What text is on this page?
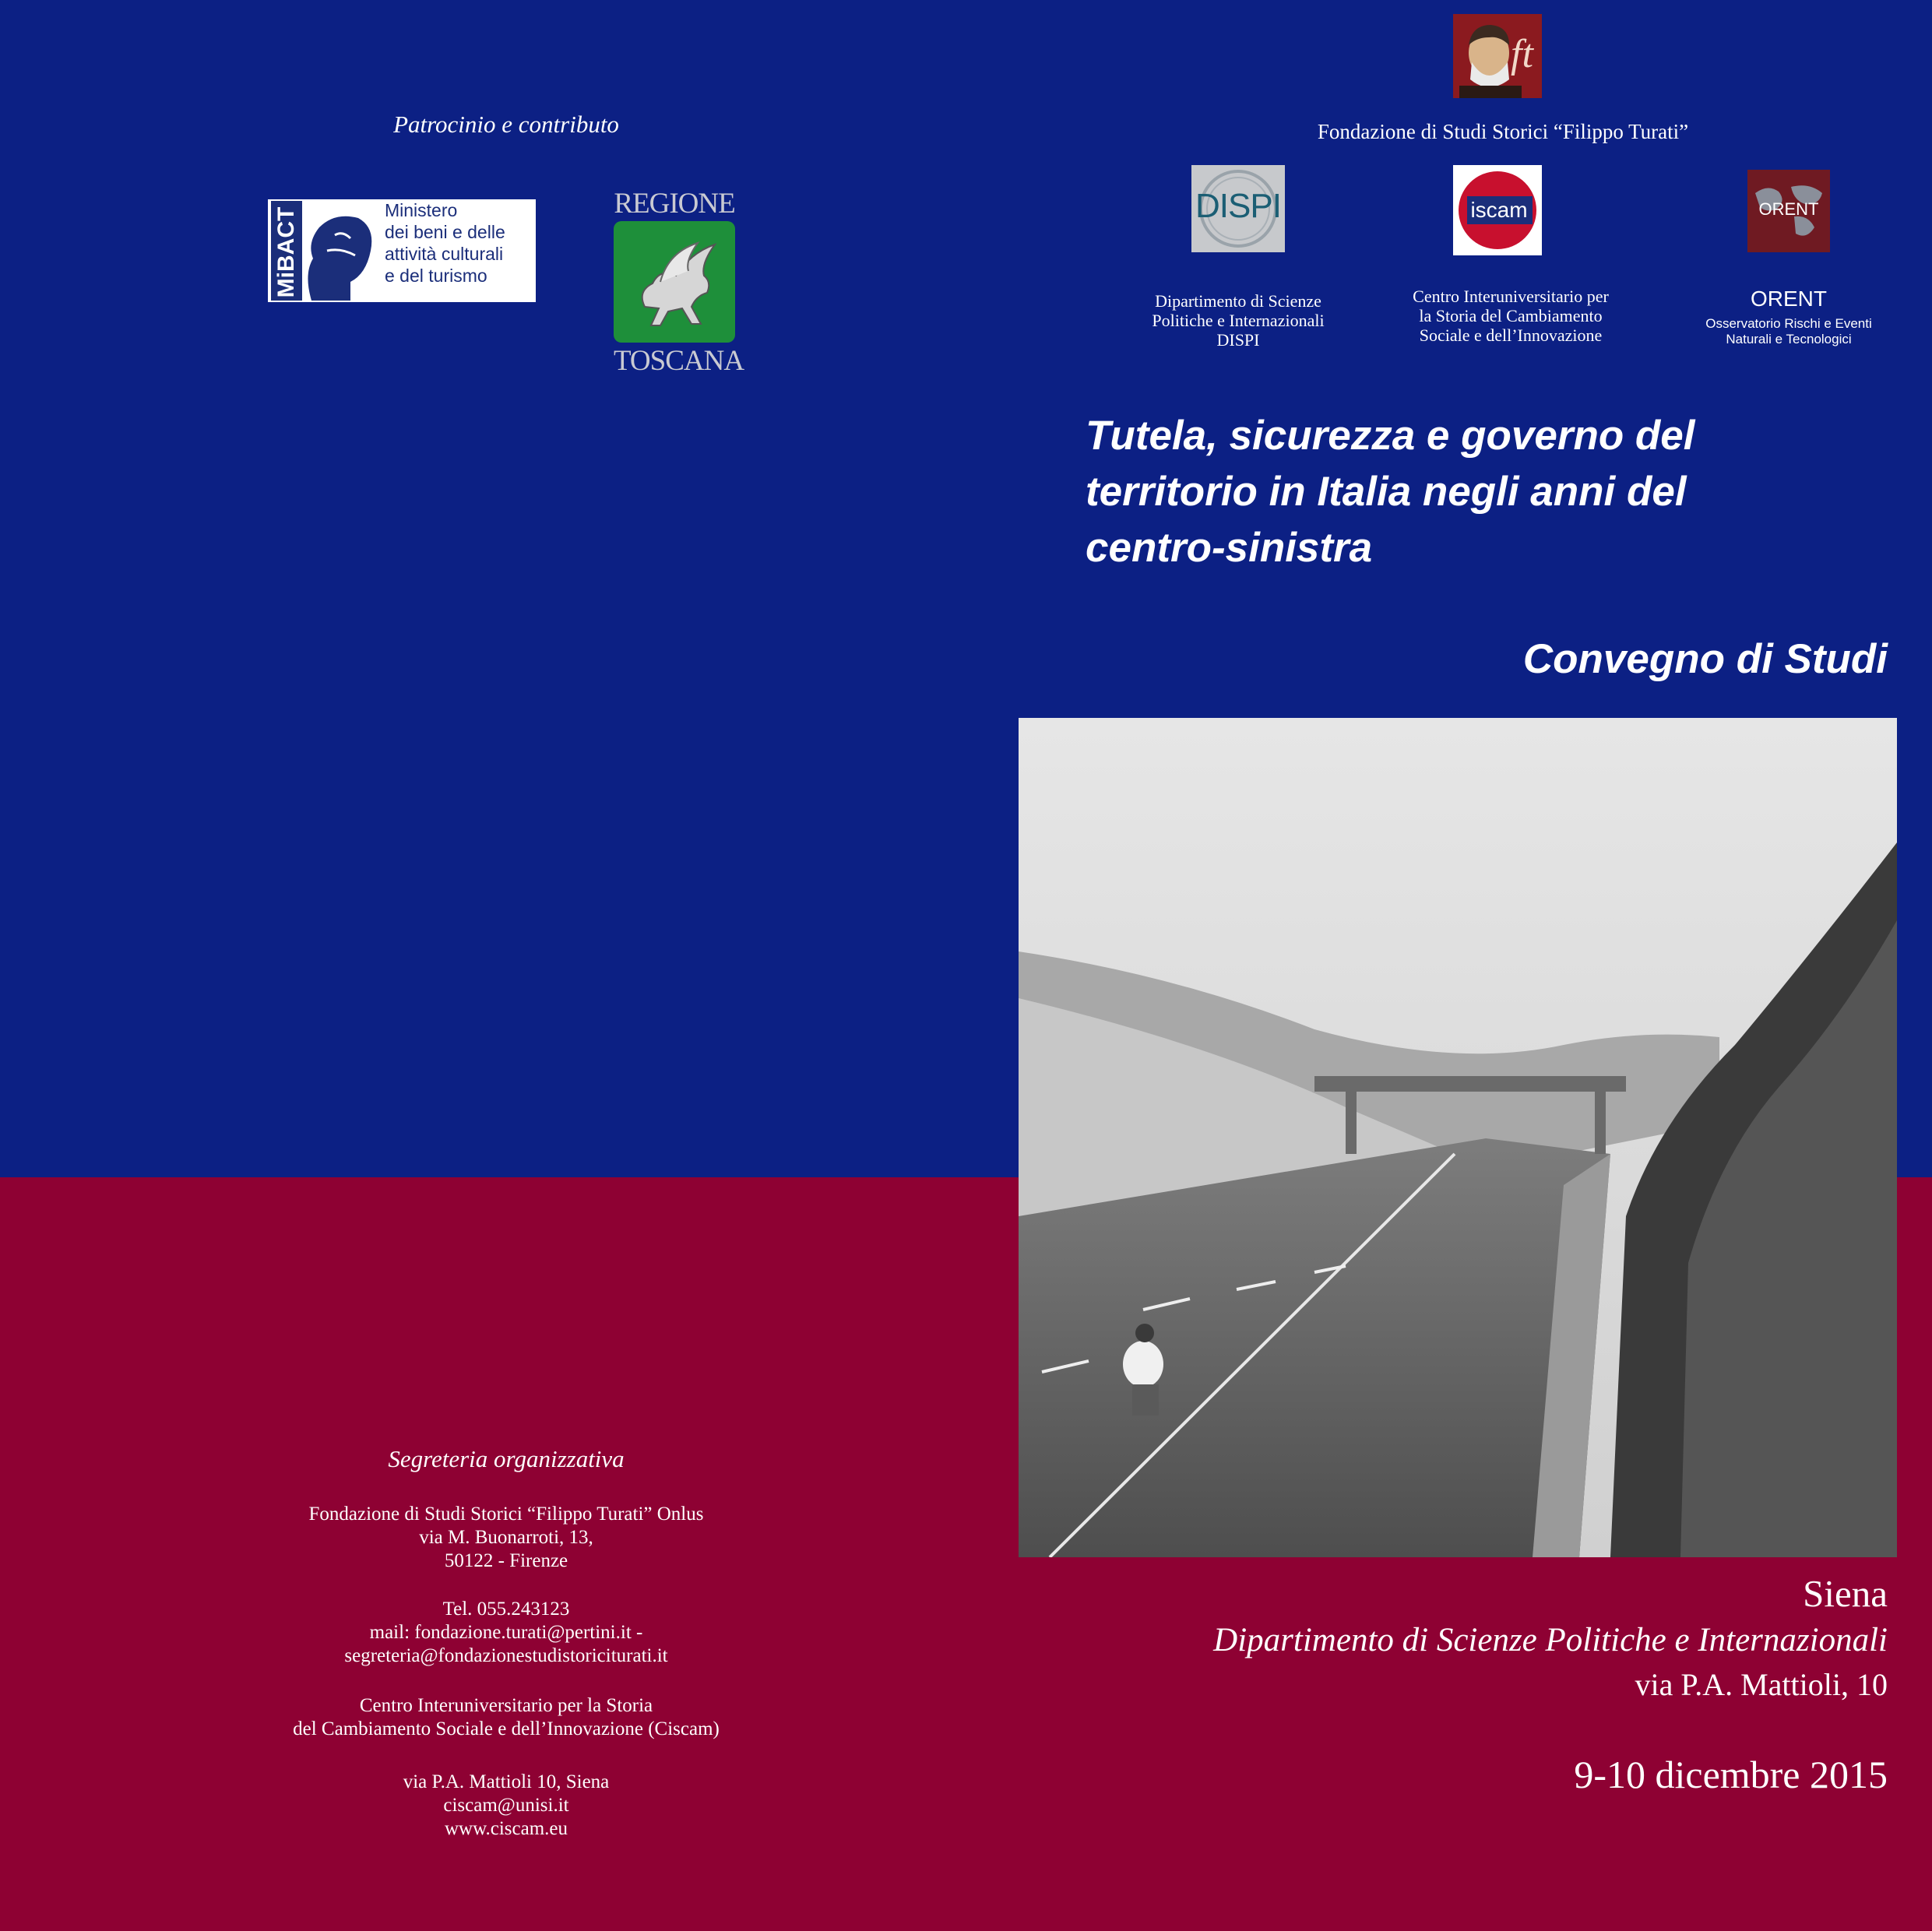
Patrocinio e contributo
MiBACT	Ministero
dei beni e delle
attività culturali
e del turismo
REGIONE
TOSCANA
Segreteria organizzativa
Fondazione di Studi Storici “Filippo Turati” Onlus
via M. Buonarroti, 13,
50122 - Firenze
Tel. 055.243123
mail: fondazione.turati@pertini.it -
segreteria@fondazionestudistoriciturati.it
Centro Interuniversitario per la Storia
del Cambiamento Sociale e dell’Innovazione (Ciscam)
via P.A. Mattioli 10, Siena
ciscam@unisi.it
www.ciscam.eu
ft
Fondazione di Studi Storici “Filippo Turati”
DISPI
Dipartimento di Scienze
Politiche e Internazionali
DISPI
iscam
Centro Interuniversitario per
la Storia del Cambiamento
Sociale e dell’Innovazione
ORENT
ORENT
Osservatorio Rischi e Eventi
Naturali e Tecnologici
Tutela, sicurezza e governo del
territorio in Italia negli anni del
centro-sinistra
Convegno di Studi
Siena
Dipartimento di Scienze Politiche e Internazionali
via P.A. Mattioli, 10
9-10 dicembre 2015
